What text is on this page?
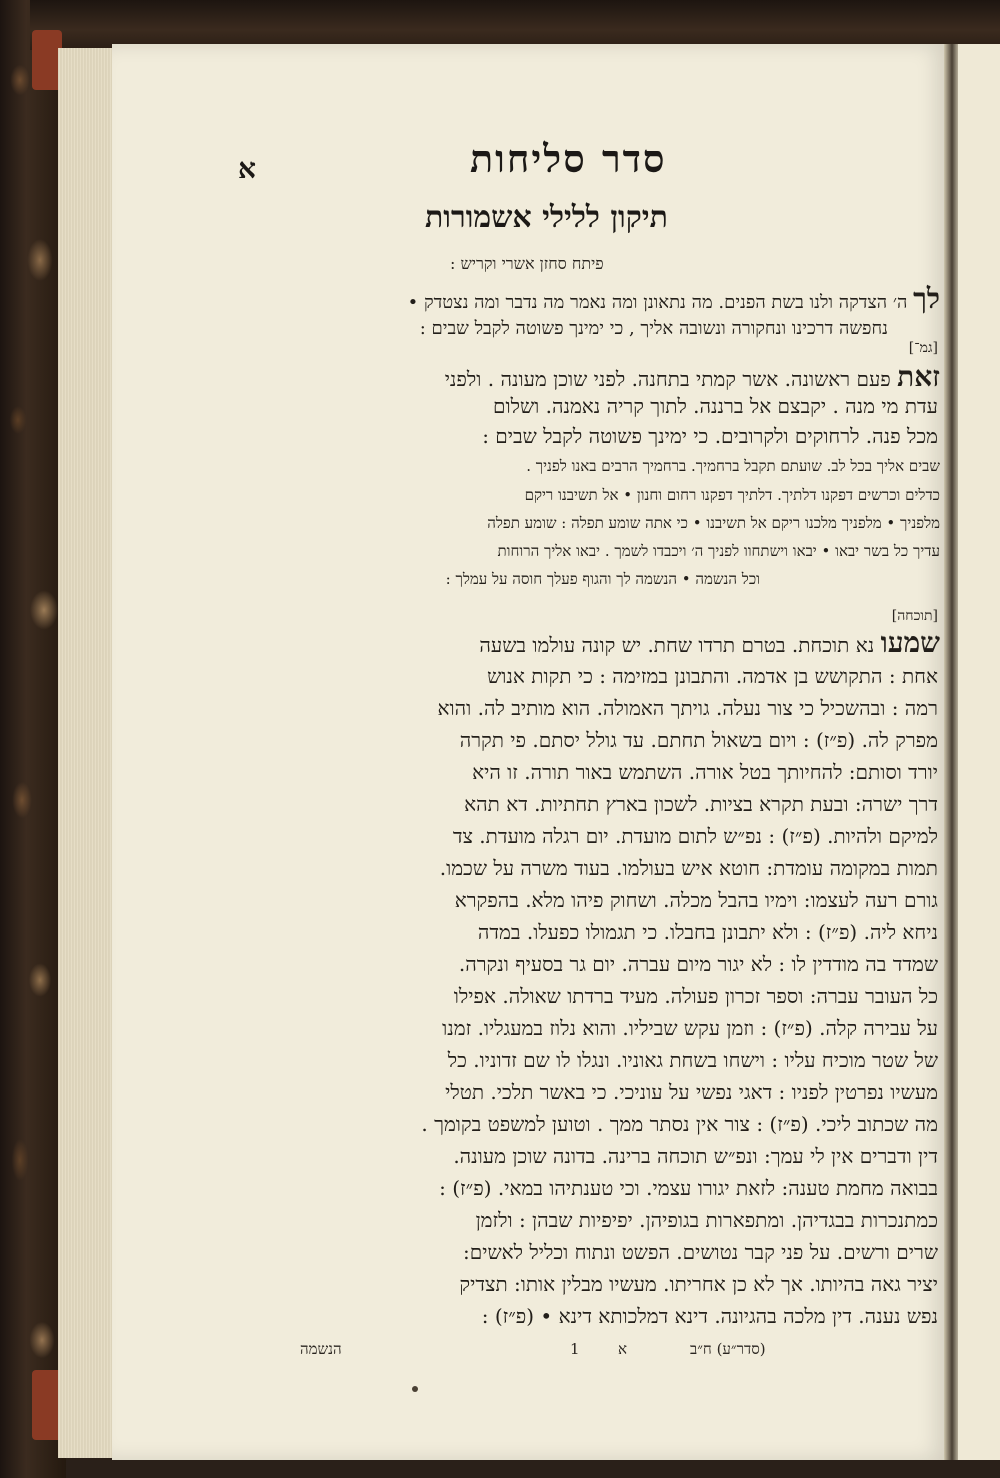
סדר סליחות
א
תיקון ללילי אשמורות
פיתח סחזן אשרי וקריש :
לך ה׳ הצדקה ולנו בשת הפנים. מה נתאונן ומה נאמר מה נדבר ומה נצטדק •
נחפשה דרכינו ונחקורה ונשובה אליך , כי ימינך פשוטה לקבל שבים :
[גמ־]
זאת פעם ראשונה. אשר קמתי בתחנה. לפני שוכן מעונה . ולפני
עדת מי מנה . יקבצם אל ברננה. לתוך קריה נאמנה. ושלום
מכל פנה. לרחוקים ולקרובים. כי ימינך פשוטה לקבל שבים :
שבים אליך בכל לב. שועתם תקבל ברחמיך. ברחמיך הרבים באנו לפניך .
כדלים וכרשים דפקנו דלתיך. דלתיך דפקנו רחום וחנון • אל תשיבנו ריקם
מלפניך • מלפניך מלכנו ריקם אל תשיבנו • כי אתה שומע תפלה : שומע תפלה
עדיך כל בשר יבאו • יבאו וישתחוו לפניך ה׳ ויכבדו לשמך . יבאו אליך הרוחות
וכל הנשמה • הנשמה לך והגוף פעלך חוסה על עמלך :
[תוכחה]
שמעו נא תוכחת. בטרם תרדו שחת. יש קונה עולמו בשעה
אחת : התקושש בן אדמה. והתבונן במזימה : כי תקות אנוש
רמה : ובהשכיל כי צור נעלה. גויתך האמולה. הוא מותיב לה. והוא
מפרק לה. (פ״ז) : ויום בשאול תחתם. עד גולל יסתם. פי תקרה
יורד וסותם: להחיותך בטל אורה. השתמש באור תורה. זו היא
דרך ישרה: ובעת תקרא בציות. לשכון בארץ תחתיות. דא תהא
למיקם ולהיות. (פ״ז) : נפ״ש לתום מועדת. יום רגלה מועדת. צד
תמות במקומה עומדת: חוטא איש בעולמו. בעוד משרה על שכמו.
גורם רעה לעצמו: וימיו בהבל מכלה. ושחוק פיהו מלא. בהפקרא
ניחא ליה. (פ״ז) : ולא יתבונן בחבלו. כי תגמולו כפעלו. במדה
שמדד בה מודדין לו : לא יגור מיום עברה. יום גר בסעיף ונקרה.
כל העובר עברה: וספר זכרון פעולה. מעיד ברדתו שאולה. אפילו
על עבירה קלה. (פ״ז) : וזמן עקש שביליו. והוא נלוז במעגליו. זמנו
של שטר מוכיח עליו : וישחו בשחת גאוניו. ונגלו לו שם זדוניו. כל
מעשיו נפרטין לפניו : דאגי נפשי על עוניכי. כי באשר תלכי. תטלי
מה שכתוב ליכי. (פ״ז) : צור אין נסתר ממך . וטוען למשפט בקומך .
דין ודברים אין לי עמך: ונפ״ש תוכחה ברינה. בדונה שוכן מעונה.
בבואה מחמת טענה: לזאת יגורו עצמי. וכי טענתיהו במאי. (פ״ז) :
כמתנכרות בבגדיהן. ומתפארות בגופיהן. יפיפיות שבהן : ולזמן
שרים ורשים. על פני קבר נטושים. הפשט ונתוח וכליל לאשים:
יציר גאה בהיותו. אך לא כן אחריתו. מעשיו מבלין אותו: תצדיק
נפש נענה. דין מלכה בהגיונה. דינא דמלכותא דינא • (פ״ז) :
(סדר״ע) ח״ב
א
1
הנשמה
